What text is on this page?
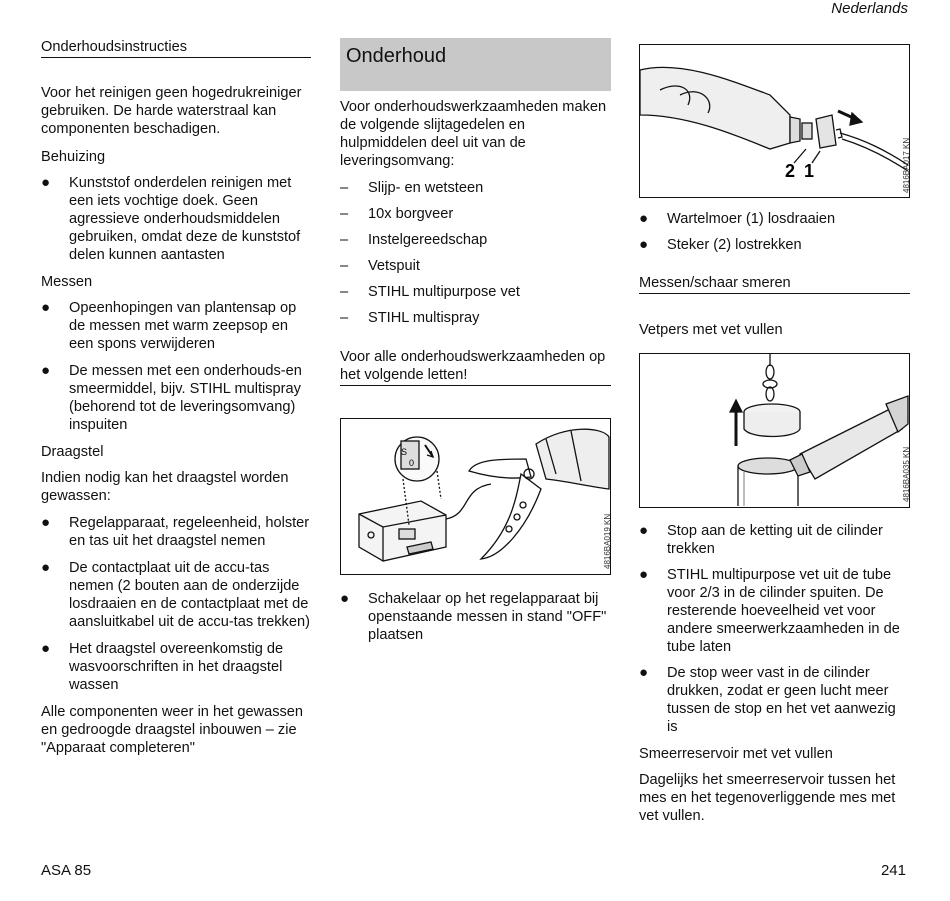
Nederlands
Onderhoudsinstructies

Voor het reinigen geen hogedrukreiniger gebruiken. De harde waterstraal kan componenten beschadigen.

Behuizing
●	Kunststof onderdelen reinigen met een iets vochtige doek. Geen agressieve onderhoudsmiddelen gebruiken, omdat deze de kunststof delen kunnen aantasten
Messen
●	Opeenhopingen van plantensap op de messen met warm zeepsop en een spons verwijderen
●	De messen met een onderhouds-en smeermiddel, bijv. STIHL multispray (behorend tot de leveringsomvang) inspuiten
Draagstel

Indien nodig kan het draagstel worden gewassen:

●	Regelapparaat, regeleenheid, holster en tas uit het draagstel nemen
●	De contactplaat uit de accu-tas nemen (2 bouten aan de onderzijde losdraaien en de contactplaat met de aansluitkabel uit de accu-tas trekken)
●	Het draagstel overeenkomstig de wasvoorschriften in het draagstel wassen

Alle componenten weer in het gewassen en gedroogde draagstel inbouwen – zie "Apparaat completeren"

Onderhoud

Voor onderhoudswerkzaamheden maken de volgende slijtagedelen en hulpmiddelen deel uit van de leveringsomvang:

–	Slijp- en wetsteen
–	10x borgveer
–	Instelgereedschap
–	Vetspuit
–	STIHL multipurpose vet
–	STIHL multispray
Voor alle onderhoudswerkzaamheden op het volgende letten!
S
0
4816BA019 KN
●	Schakelaar op het regelapparaat bij openstaande messen in stand "OFF" plaatsen
2 1	4816BA017 KN
●	Wartelmoer (1) losdraaien
●	Steker (2) lostrekken
Messen/schaar smeren
Vetpers met vet vullen
4816BA035 KN
●	Stop aan de ketting uit de cilinder trekken
●	STIHL multipurpose vet uit de tube voor 2/3 in de cilinder spuiten. De resterende hoeveelheid vet voor andere smeerwerkzaamheden in de tube laten
●	De stop weer vast in de cilinder drukken, zodat er geen lucht meer tussen de stop en het vet aanwezig is
Smeerreservoir met vet vullen

Dagelijks het smeerreservoir tussen het mes en het tegenoverliggende mes met vet vullen.

ASA 85	241
